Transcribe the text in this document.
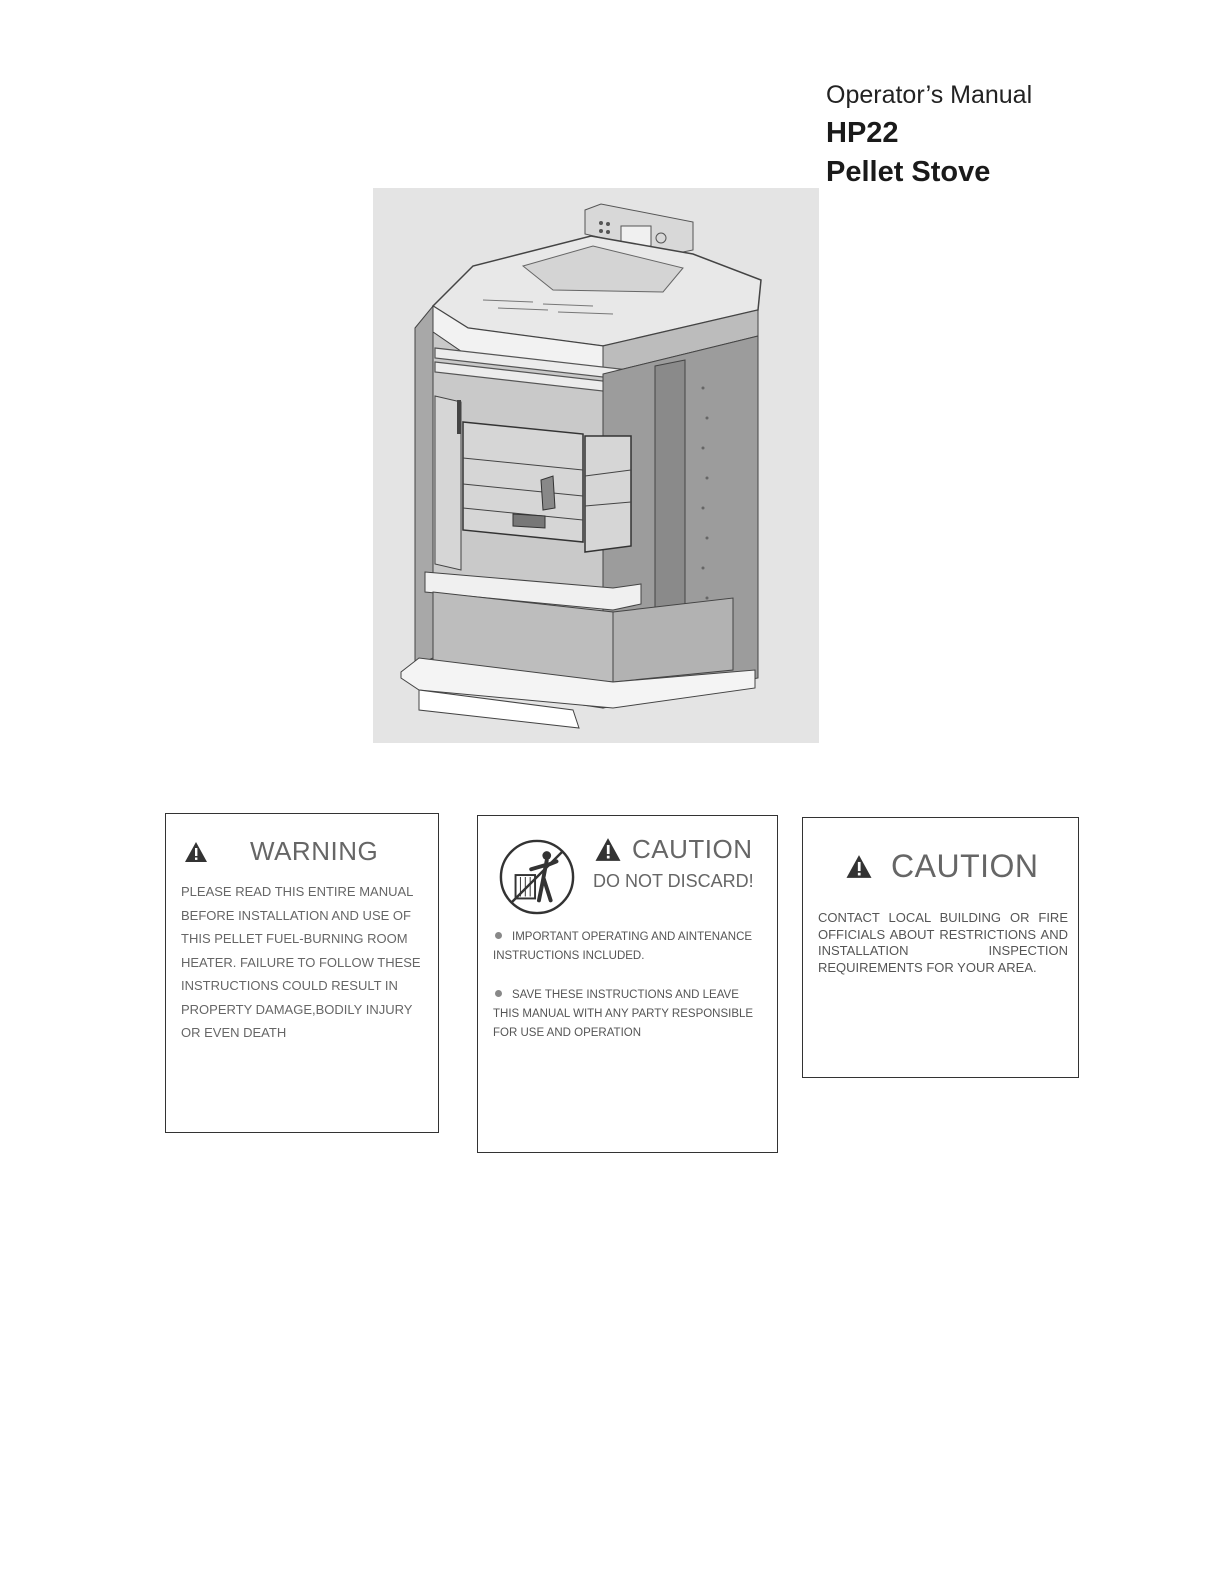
Operator’s Manual
HP22
Pellet Stove
WARNING
PLEASE READ THIS ENTIRE MANUAL BEFORE INSTALLATION AND USE OF THIS PELLET FUEL-BURNING ROOM HEATER. FAILURE TO FOLLOW THESE INSTRUCTIONS COULD RESULT IN PROPERTY DAMAGE,BODILY INJURY OR EVEN DEATH
CAUTION
DO NOT DISCARD!
IMPORTANT OPERATING AND AINTENANCE INSTRUCTIONS INCLUDED.
SAVE THESE INSTRUCTIONS AND LEAVE THIS MANUAL WITH ANY PARTY RESPONSIBLE FOR USE AND OPERATION
CAUTION
CONTACT LOCAL BUILDING OR FIRE OFFICIALS ABOUT RESTRICTIONS AND INSTALLATION INSPECTION REQUIREMENTS FOR YOUR AREA.
